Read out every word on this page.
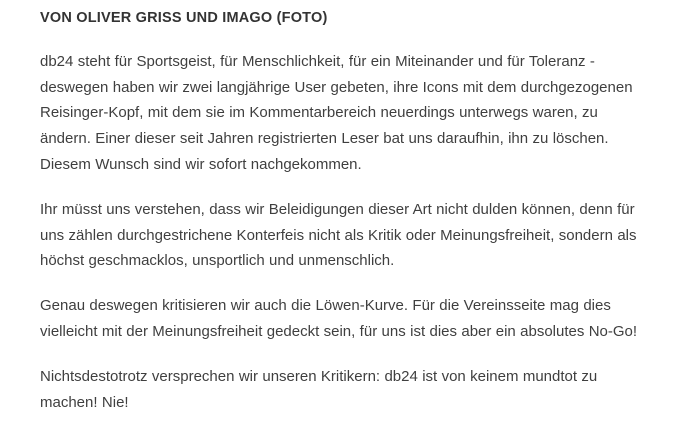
VON OLIVER GRISS UND IMAGO (FOTO)

db24 steht für Sportsgeist, für Menschlichkeit, für ein Miteinander und für Toleranz - deswegen haben wir zwei langjährige User gebeten, ihre Icons mit dem durchgezogenen Reisinger-Kopf, mit dem sie im Kommentarbereich neuerdings unterwegs waren, zu ändern. Einer dieser seit Jahren registrierten Leser bat uns daraufhin, ihn zu löschen. Diesem Wunsch sind wir sofort nachgekommen.

Ihr müsst uns verstehen, dass wir Beleidigungen dieser Art nicht dulden können, denn für uns zählen durchgestrichene Konterfeis nicht als Kritik oder Meinungsfreiheit, sondern als höchst geschmacklos, unsportlich und unmenschlich.

Genau deswegen kritisieren wir auch die Löwen-Kurve. Für die Vereinsseite mag dies vielleicht mit der Meinungsfreiheit gedeckt sein, für uns ist dies aber ein absolutes No-Go!

Nichtsdestotrotz versprechen wir unseren Kritikern: db24 ist von keinem mundtot zu machen! Nie!
